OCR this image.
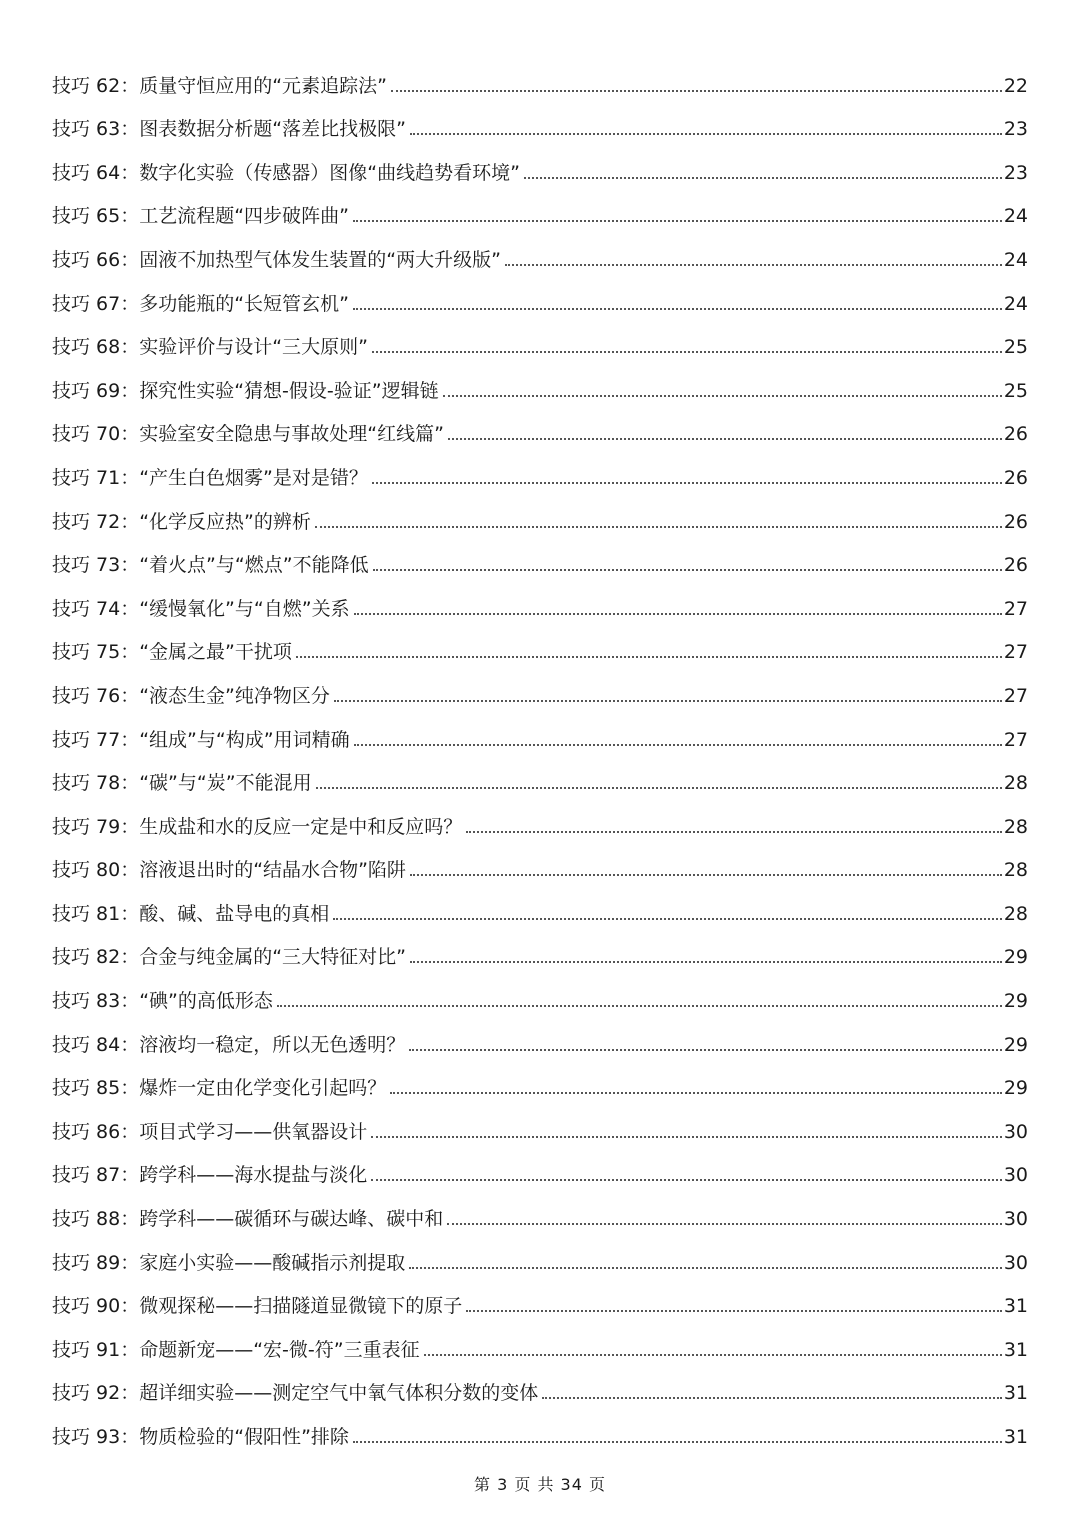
技巧 62： 质量守恒应用的“元素追踪法”	22
技巧 63： 图表数据分析题“落差比找极限”	23
技巧 64： 数字化实验（传感器）图像“曲线趋势看环境”	23
技巧 65： 工艺流程题“四步破阵曲”	24
技巧 66： 固液不加热型气体发生装置的“两大升级版”	24
技巧 67： 多功能瓶的“长短管玄机”	24
技巧 68： 实验评价与设计“三大原则”	25
技巧 69： 探究性实验“猜想-假设-验证”逻辑链	25
技巧 70： 实验室安全隐患与事故处理“红线篇”	26
技巧 71： “产生白色烟雾”是对是错？	26
技巧 72： “化学反应热”的辨析	26
技巧 73： “着火点”与“燃点”不能降低	26
技巧 74： “缓慢氧化”与“自燃”关系	27
技巧 75： “金属之最”干扰项	27
技巧 76： “液态生金”纯净物区分	27
技巧 77： “组成”与“构成”用词精确	27
技巧 78： “碳”与“炭”不能混用	28
技巧 79： 生成盐和水的反应一定是中和反应吗？	28
技巧 80： 溶液退出时的“结晶水合物”陷阱	28
技巧 81： 酸、碱、盐导电的真相	28
技巧 82： 合金与纯金属的“三大特征对比”	29
技巧 83： “碘”的高低形态	29
技巧 84： 溶液均一稳定，所以无色透明？	29
技巧 85： 爆炸一定由化学变化引起吗？	29
技巧 86： 项目式学习——供氧器设计	30
技巧 87： 跨学科——海水提盐与淡化	30
技巧 88： 跨学科——碳循环与碳达峰、碳中和	30
技巧 89： 家庭小实验——酸碱指示剂提取	30
技巧 90： 微观探秘——扫描隧道显微镜下的原子	31
技巧 91： 命题新宠——“宏-微-符”三重表征	31
技巧 92： 超详细实验——测定空气中氧气体积分数的变体	31
技巧 93： 物质检验的“假阳性”排除	31
第 3 页 共 34 页
